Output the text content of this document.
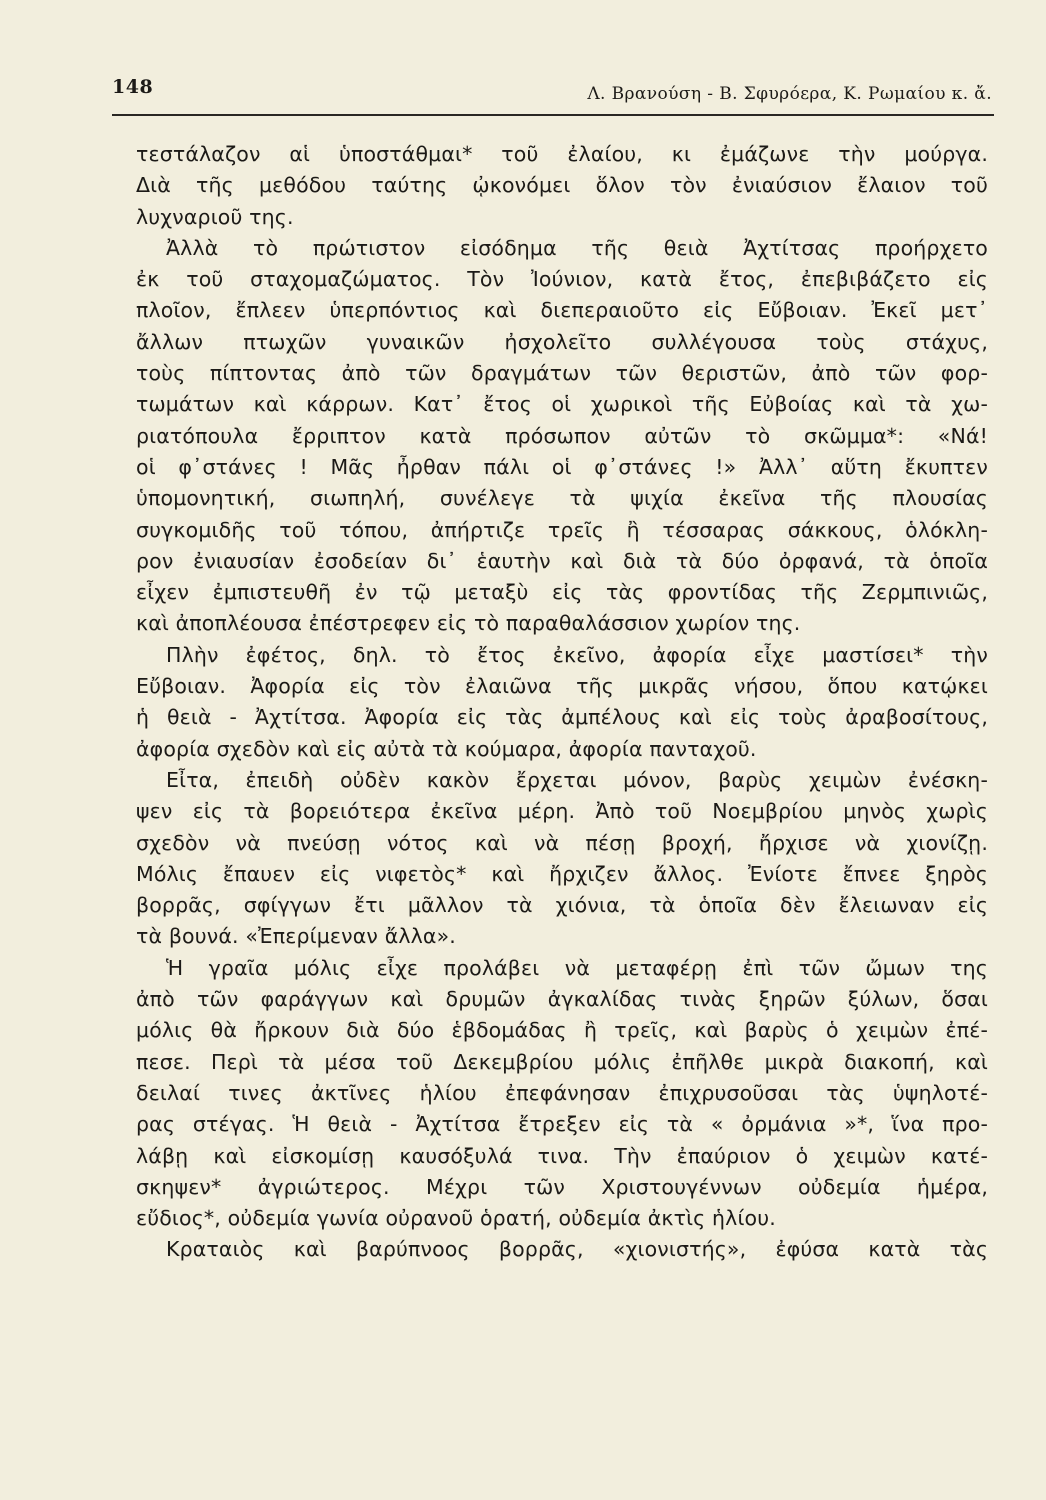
148	Λ. Βρανούση - Β. Σφυρόερα, Κ. Ρωμαίου κ. ἄ.
τεστάλαζον αἱ ὑποστάθμαι* τοῦ ἐλαίου, κι ἐμάζωνε τὴν μούργα.
Διὰ τῆς μεθόδου ταύτης ᾠκονόμει ὅλον τὸν ἐνιαύσιον ἔλαιον τοῦ
λυχναριοῦ της.
Ἀλλὰ τὸ πρώτιστον εἰσόδημα τῆς θειὰ Ἀχτίτσας προήρχετο
ἐκ τοῦ σταχομαζώματος. Τὸν Ἰούνιον, κατὰ ἔτος, ἐπεβιβάζετο εἰς
πλοῖον, ἔπλεεν ὑπερπόντιος καὶ διεπεραιοῦτο εἰς Εὔβοιαν. Ἐκεῖ μετ᾿
ἄλλων πτωχῶν γυναικῶν ἠσχολεῖτο συλλέγουσα τοὺς στάχυς,
τοὺς πίπτοντας ἀπὸ τῶν δραγμάτων τῶν θεριστῶν, ἀπὸ τῶν φορ-
τωμάτων καὶ κάρρων. Κατ᾿ ἔτος οἱ χωρικοὶ τῆς Εὐβοίας καὶ τὰ χω-
ριατόπουλα ἔρριπτον κατὰ πρόσωπον αὐτῶν τὸ σκῶμμα*: «Νά!
οἱ φ᾿στάνες ! Μᾶς ἦρθαν πάλι οἱ φ᾿στάνες !» Ἀλλ᾿ αὕτη ἔκυπτεν
ὑπομονητική, σιωπηλή, συνέλεγε τὰ ψιχία ἐκεῖνα τῆς πλουσίας
συγκομιδῆς τοῦ τόπου, ἀπήρτιζε τρεῖς ἢ τέσσαρας σάκκους, ὁλόκλη-
ρον ἐνιαυσίαν ἐσοδείαν δι᾿ ἑαυτὴν καὶ διὰ τὰ δύο ὀρφανά, τὰ ὁποῖα
εἶχεν ἐμπιστευθῆ ἐν τῷ μεταξὺ εἰς τὰς φροντίδας τῆς Ζερμπινιῶς,
καὶ ἀποπλέουσα ἐπέστρεφεν εἰς τὸ παραθαλάσσιον χωρίον της.
Πλὴν ἐφέτος, δηλ. τὸ ἔτος ἐκεῖνο, ἀφορία εἶχε μαστίσει* τὴν
Εὔβοιαν. Ἀφορία εἰς τὸν ἐλαιῶνα τῆς μικρᾶς νήσου, ὅπου κατῴκει
ἡ θειὰ - Ἀχτίτσα. Ἀφορία εἰς τὰς ἀμπέλους καὶ εἰς τοὺς ἀραβοσίτους,
ἀφορία σχεδὸν καὶ εἰς αὐτὰ τὰ κούμαρα, ἀφορία πανταχοῦ.
Εἶτα, ἐπειδὴ οὐδὲν κακὸν ἔρχεται μόνον, βαρὺς χειμὼν ἐνέσκη-
ψεν εἰς τὰ βορειότερα ἐκεῖνα μέρη. Ἀπὸ τοῦ Νοεμβρίου μηνὸς χωρὶς
σχεδὸν νὰ πνεύσῃ νότος καὶ νὰ πέσῃ βροχή, ἤρχισε νὰ χιονίζῃ.
Μόλις ἔπαυεν εἰς νιφετὸς* καὶ ἤρχιζεν ἄλλος. Ἐνίοτε ἔπνεε ξηρὸς
βορρᾶς, σφίγγων ἔτι μᾶλλον τὰ χιόνια, τὰ ὁποῖα δὲν ἔλειωναν εἰς
τὰ βουνά. «Ἐπερίμεναν ἄλλα».
Ἡ γραῖα μόλις εἶχε προλάβει νὰ μεταφέρῃ ἐπὶ τῶν ὤμων της
ἀπὸ τῶν φαράγγων καὶ δρυμῶν ἀγκαλίδας τινὰς ξηρῶν ξύλων, ὅσαι
μόλις θὰ ἤρκουν διὰ δύο ἑβδομάδας ἢ τρεῖς, καὶ βαρὺς ὁ χειμὼν ἐπέ-
πεσε. Περὶ τὰ μέσα τοῦ Δεκεμβρίου μόλις ἐπῆλθε μικρὰ διακοπή, καὶ
δειλαί τινες ἀκτῖνες ἡλίου ἐπεφάνησαν ἐπιχρυσοῦσαι τὰς ὑψηλοτέ-
ρας στέγας. Ἡ θειὰ - Ἀχτίτσα ἔτρεξεν εἰς τὰ « ὀρμάνια »*, ἵνα προ-
λάβῃ καὶ εἰσκομίσῃ καυσόξυλά τινα. Τὴν ἐπαύριον ὁ χειμὼν κατέ-
σκηψεν* ἀγριώτερος. Μέχρι τῶν Χριστουγέννων οὐδεμία ἡμέρα,
εὔδιος*, οὐδεμία γωνία οὐρανοῦ ὁρατή, οὐδεμία ἀκτὶς ἡλίου.
Κραταιὸς καὶ βαρύπνοος βορρᾶς, «χιονιστής», ἐφύσα κατὰ τὰς
